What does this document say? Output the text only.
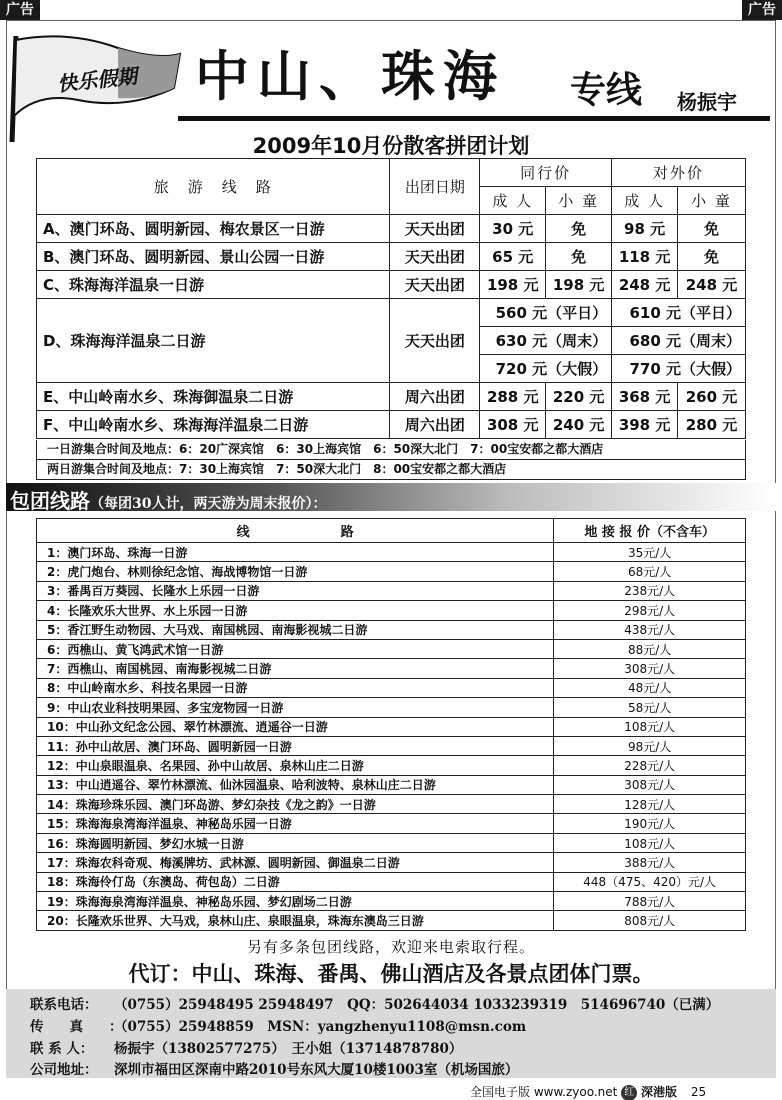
广告	广告
快乐假期	中山、珠海 专线 杨振宇
2009年10月份散客拼团计划
旅　游　线　路	出团日期	同行价		对外价	
		成 人	小 童	成 人	小 童
A、澳门环岛、圆明新园、梅农景区一日游	天天出团	30 元	免	98 元	免
B、澳门环岛、圆明新园、景山公园一日游	天天出团	65 元	免	118 元	免
C、珠海海洋温泉一日游	天天出团	198 元	198 元	248 元	248 元
D、珠海海洋温泉二日游	天天出团	560 元（平日）		610 元（平日）	
		630 元（周末）		680 元（周末）	
		720 元（大假）		770 元（大假）	
E、中山岭南水乡、珠海御温泉二日游	周六出团	288 元	220 元	368 元	260 元
F、中山岭南水乡、珠海海洋温泉二日游	周六出团	308 元	240 元	398 元	280 元
一日游集合时间及地点：6：20广深宾馆　6：30上海宾馆　6：50深大北门　7：00宝安都之都大酒店
两日游集合时间及地点：7：30上海宾馆　7：50深大北门　8：00宝安都之都大酒店
包团线路（每团30人计，两天游为周末报价）：
线　　　　　　　路	地 接 报 价（不含车）
1：澳门环岛、珠海一日游	35元/人
2：虎门炮台、林则徐纪念馆、海战博物馆一日游	68元/人
3：番禺百万葵园、长隆水上乐园一日游	238元/人
4：长隆欢乐大世界、水上乐园一日游	298元/人
5：香江野生动物园、大马戏、南国桃园、南海影视城二日游	438元/人
6：西樵山、黄飞鸿武术馆一日游	88元/人
7：西樵山、南国桃园、南海影视城二日游	308元/人
8：中山岭南水乡、科技名果园一日游	48元/人
9：中山农业科技明果园、多宝宠物园一日游	58元/人
10：中山孙文纪念公园、翠竹林漂流、逍遥谷一日游	108元/人
11：孙中山故居、澳门环岛、圆明新园一日游	98元/人
12：中山泉眼温泉、名果园、孙中山故居、泉林山庄二日游	228元/人
13：中山逍遥谷、翠竹林漂流、仙沐园温泉、哈利波特、泉林山庄二日游	308元/人
14：珠海珍珠乐园、澳门环岛游、梦幻杂技《龙之韵》一日游	128元/人
15：珠海海泉湾海洋温泉、神秘岛乐园一日游	190元/人
16：珠海圆明新园、梦幻水城一日游	108元/人
17：珠海农科奇观、梅溪牌坊、武林源、圆明新园、御温泉二日游	388元/人
18：珠海伶仃岛（东澳岛、荷包岛）二日游	448（475、420）元/人
19：珠海海泉湾海洋温泉、神秘岛乐园、梦幻剧场二日游	788元/人
20：长隆欢乐世界、大马戏，泉林山庄、泉眼温泉，珠海东澳岛三日游	808元/人
另有多条包团线路，欢迎来电索取行程。
代订：中山、珠海、番禺、佛山酒店及各景点团体门票。
联系电话： （0755）25948495 25948497　QQ：502644034 1033239319　514696740（已满）
传真：（0755）25948859　MSN：yangzhenyu1108@msn.com
联 系 人： 杨振宇（13802577275）　王小姐（13714878780）
公司地址： 深圳市福田区深南中路2010号东风大厦10楼1003室（机场国旅）
全国电子版 www.zyoo.net 红 深港版 25
